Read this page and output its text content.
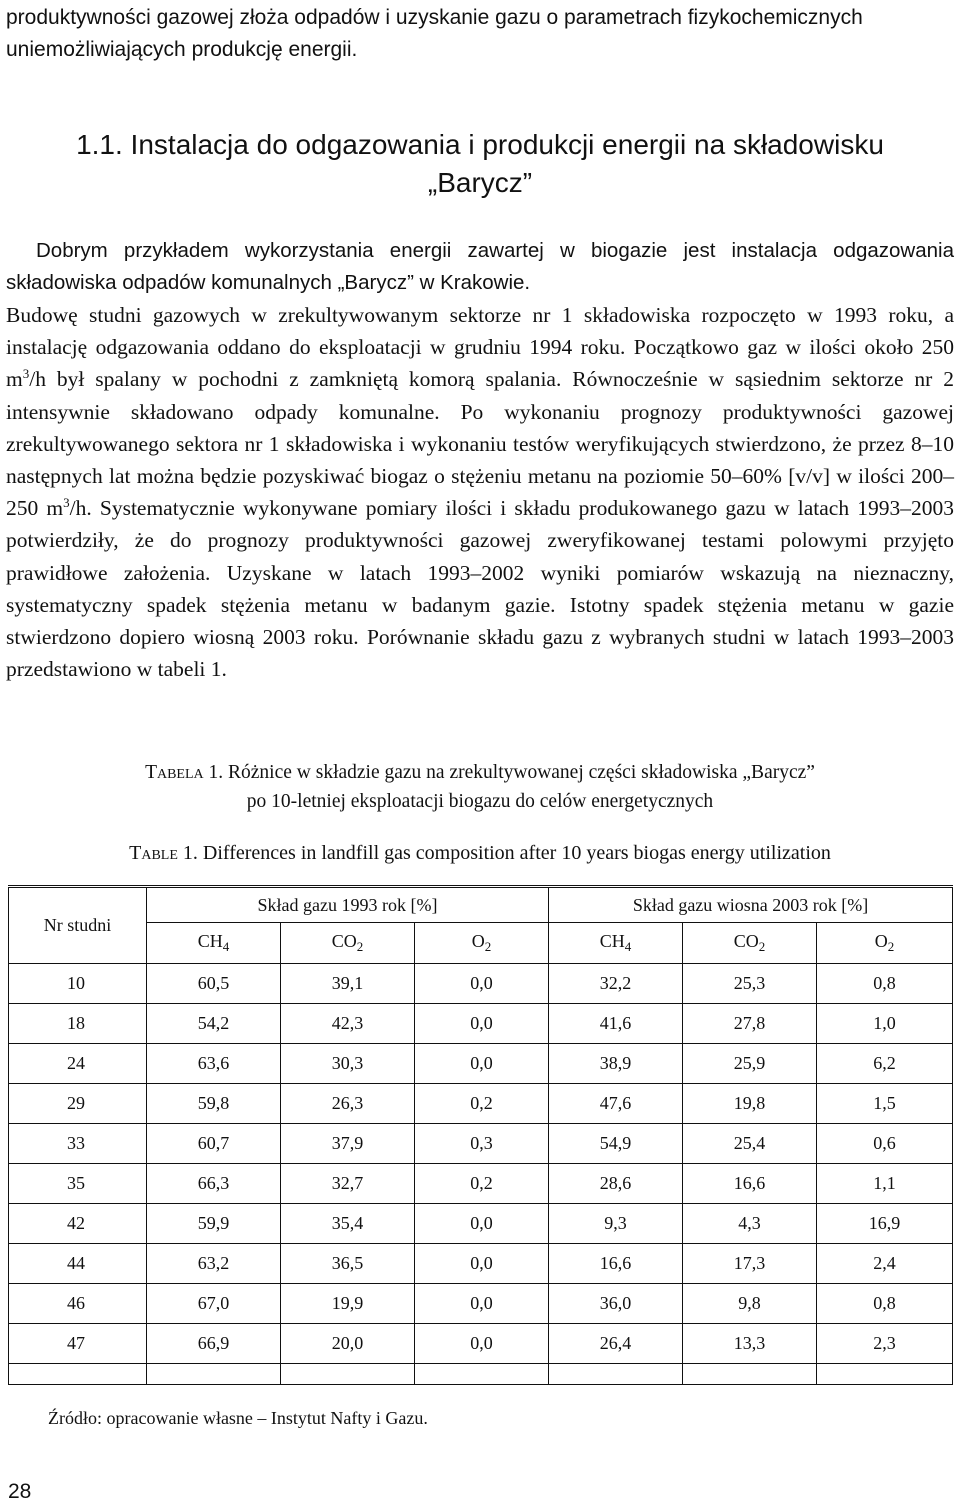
produktywności gazowej złoża odpadów i uzyskanie gazu o parametrach fizykochemicznych uniemożliwiających produkcję energii.

1.1. Instalacja do odgazowania i produkcji energii na składowisku
„Barycz”

Dobrym przykładem wykorzystania energii zawartej w biogazie jest instalacja odgazowania składowiska odpadów komunalnych „Barycz” w Krakowie.

Budowę studni gazowych w zrekultywowanym sektorze nr 1 składowiska rozpoczęto w 1993 roku, a instalację odgazowania oddano do eksploatacji w grudniu 1994 roku. Początkowo gaz w ilości około 250 $m^3/h$ był spalany w pochodni z zamkniętą komorą spalania. Równocześnie w sąsiednim sektorze nr 2 intensywnie składowano odpady komunalne. Po wykonaniu prognozy produktywności gazowej zrekultywowanego sektora nr 1 składowiska i wykonaniu testów weryfikujących stwierdzono, że przez 8–10 następnych lat można będzie pozyskiwać biogaz o stężeniu metanu na poziomie 50–60% [v/v] w ilości 200–250 $m^3/h$. Systematycznie wykonywane pomiary ilości i składu produkowanego gazu w latach 1993–2003 potwierdziły, że do prognozy produktywności gazowej zweryfikowanej testami polowymi przyjęto prawidłowe założenia. Uzyskane w latach 1993–2002 wyniki pomiarów wskazują na nieznaczny, systematyczny spadek stężenia metanu w badanym gazie. Istotny spadek stężenia metanu w gazie stwierdzono dopiero wiosną 2003 roku. Porównanie składu gazu z wybranych studni w latach 1993–2003 przedstawiono w tabeli 1.

Tabela 1. Różnice w składzie gazu na zrekultywowanej części składowiska „Barycz”
po 10-letniej eksploatacji biogazu do celów energetycznych
Table 1. Differences in landfill gas composition after 10 years biogas energy utilization
Nr studni	Skład gazu 1993 rok [%]			Skład gazu wiosna 2003 rok [%]		
	$CH_4$	$CO_2$	$O_2$	$CH_4$	$CO_2$	$O_2$
10	60,5	39,1	0,0	32,2	25,3	0,8
18	54,2	42,3	0,0	41,6	27,8	1,0
24	63,6	30,3	0,0	38,9	25,9	6,2
29	59,8	26,3	0,2	47,6	19,8	1,5
33	60,7	37,9	0,3	54,9	25,4	0,6
35	66,3	32,7	0,2	28,6	16,6	1,1
42	59,9	35,4	0,0	9,3	4,3	16,9
44	63,2	36,5	0,0	16,6	17,3	2,4
46	67,0	19,9	0,0	36,0	9,8	0,8
47	66,9	20,0	0,0	26,4	13,3	2,3

Źródło: opracowanie własne – Instytut Nafty i Gazu.
28
